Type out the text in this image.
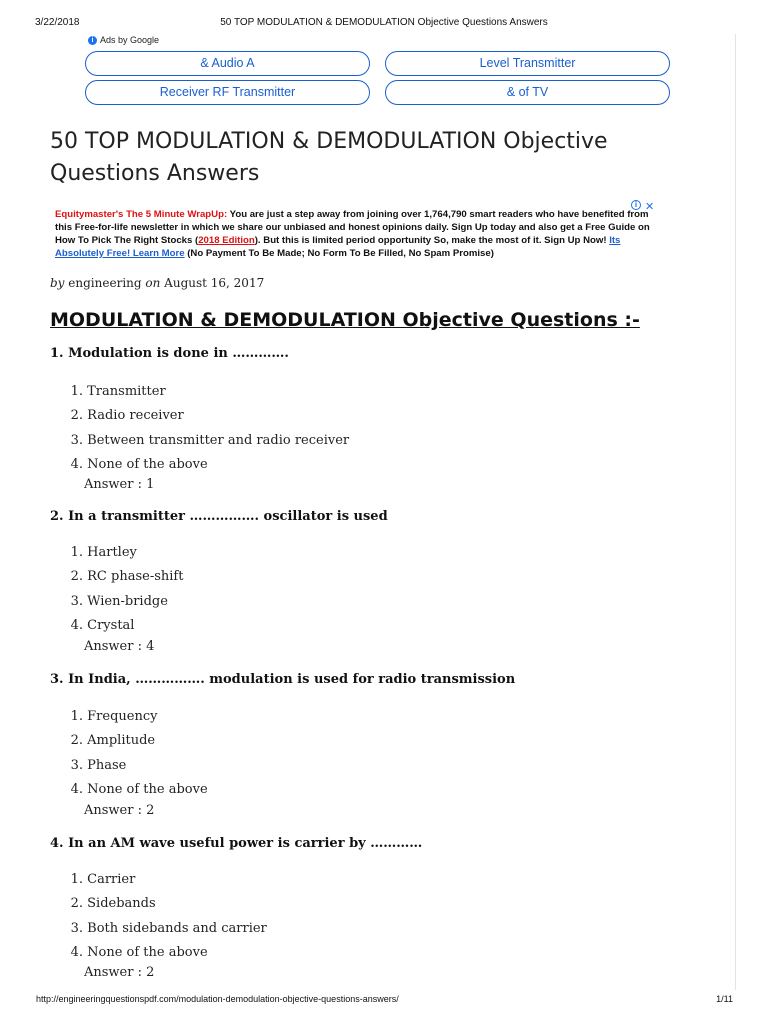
3/22/2018	50 TOP MODULATION & DEMODULATION Objective Questions Answers
i Ads by Google
& Audio A	Level Transmitter
Receiver RF Transmitter	& of TV
50 TOP MODULATION & DEMODULATION Objective Questions Answers
i ✕

Equitymaster's The 5 Minute WrapUp: You are just a step away from joining over 1,764,790 smart readers who have benefited from this Free-for-life newsletter in which we share our unbiased and honest opinions daily. Sign Up today and also get a Free Guide on How To Pick The Right Stocks (2018 Edition). But this is limited period opportunity So, make the most of it. Sign Up Now! Its Absolutely Free! Learn More (No Payment To Be Made; No Form To Be Filled, No Spam Promise)

by engineering on August 16, 2017
MODULATION & DEMODULATION Objective Questions :-
1. Modulation is done in ………….
1. Transmitter
2. Radio receiver
3. Between transmitter and radio receiver
4. None of the above
Answer : 1
2. In a transmitter ……………. oscillator is used
1. Hartley
2. RC phase-shift
3. Wien-bridge
4. Crystal
Answer : 4
3. In India, ……………. modulation is used for radio transmission
1. Frequency
2. Amplitude
3. Phase
4. None of the above
Answer : 2
4. In an AM wave useful power is carrier by …………
1. Carrier
2. Sidebands
3. Both sidebands and carrier
4. None of the above
Answer : 2
http://engineeringquestionspdf.com/modulation-demodulation-objective-questions-answers/	1/11
